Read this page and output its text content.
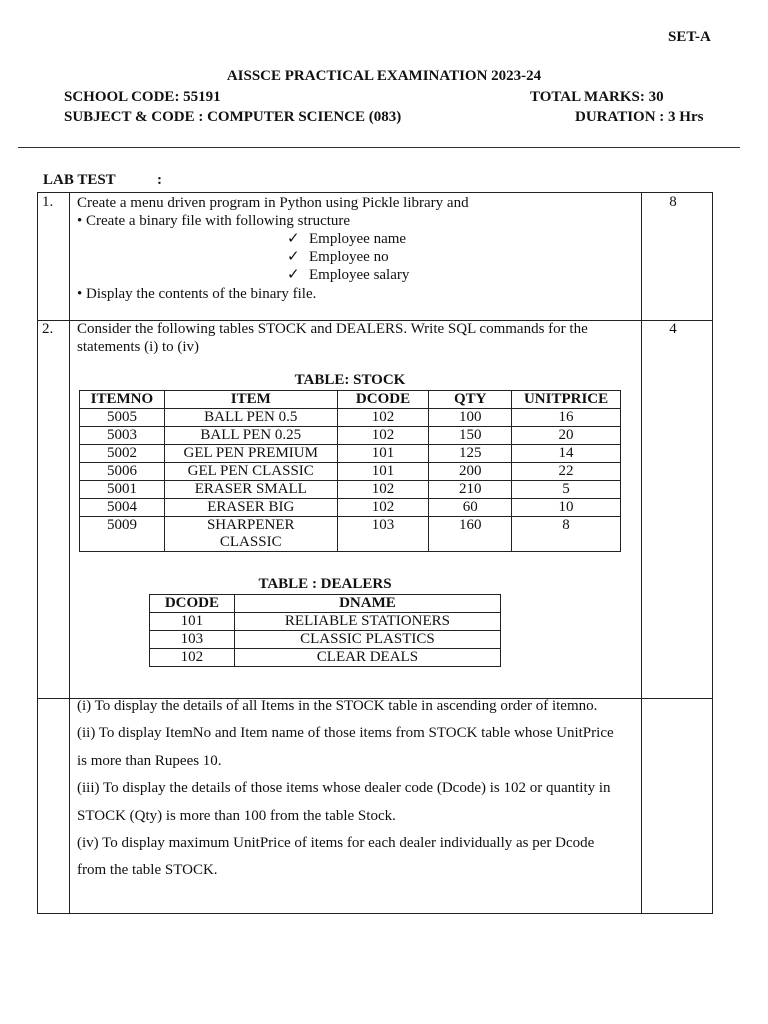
SET-A
AISSCE PRACTICAL EXAMINATION 2023-24
SCHOOL CODE: 55191	TOTAL MARKS: 30
SUBJECT & CODE : COMPUTER SCIENCE (083)	DURATION : 3 Hrs
LAB TEST	:
1.	8
Create a menu driven program in Python using Pickle library and
• Create a binary file with following structure
✓ Employee name
✓ Employee no
✓ Employee salary
• Display the contents of the binary file.
2.	4
Consider the following tables STOCK and DEALERS. Write SQL commands for the statements (i) to (iv)
TABLE: STOCK
ITEMNO	ITEM	DCODE	QTY	UNITPRICE
5005	BALL PEN 0.5	102	100	16
5003	BALL PEN 0.25	102	150	20
5002	GEL PEN PREMIUM	101	125	14
5006	GEL PEN CLASSIC	101	200	22
5001	ERASER SMALL	102	210	5
5004	ERASER BIG	102	60	10
5009	SHARPENER CLASSIC	103	160	8
TABLE : DEALERS
DCODE	DNAME
101	RELIABLE STATIONERS
103	CLASSIC PLASTICS
102	CLEAR DEALS
(i) To display the details of all Items in the STOCK table in ascending order of itemno.
(ii) To display ItemNo and Item name of those items from STOCK table whose UnitPrice is more than Rupees 10.
(iii) To display the details of those items whose dealer code (Dcode) is 102 or quantity in STOCK (Qty) is more than 100 from the table Stock.
(iv) To display maximum UnitPrice of items for each dealer individually as per Dcode from the table STOCK.
